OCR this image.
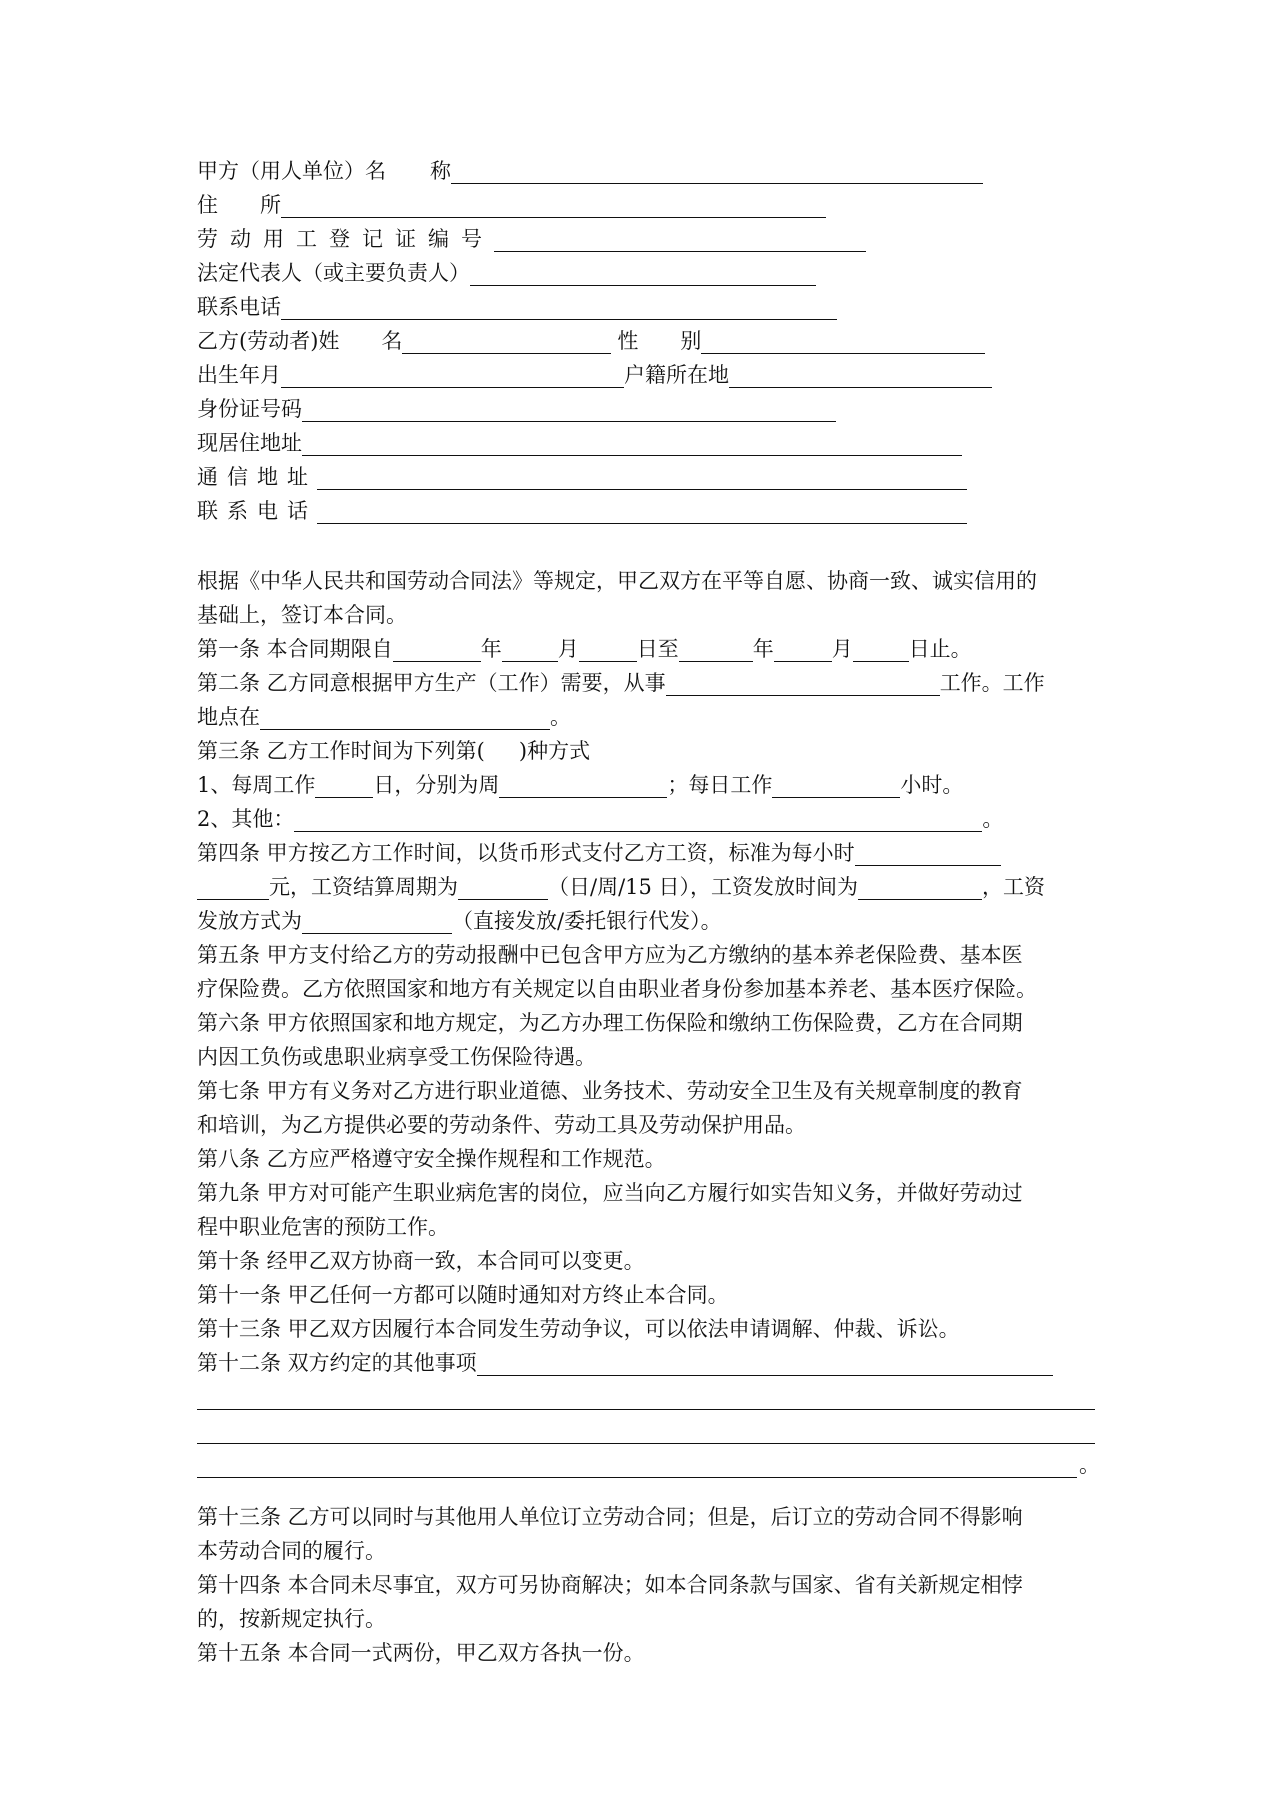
甲方（用人单位）名 称
住 所
劳动用工登记证编号
法定代表人（或主要负责人）
联系电话
乙方(劳动者)姓 名	性 别
出生年月	户籍所在地
身份证号码
现居住地址
通信地址
联系电话
根据《中华人民共和国劳动合同法》等规定，甲乙双方在平等自愿、协商一致、诚实信用的
基础上，签订本合同。
第一条 本合同期限自	年	月	日至	年	月	日止。
第二条 乙方同意根据甲方生产（工作）需要，从事	工作。工作
地点在	。
第三条 乙方工作时间为下列第( )种方式
1、每周工作	日，分别为周	；每日工作	小时。
2、其他：	。
第四条 甲方按乙方工作时间，以货币形式支付乙方工资，标准为每小时
元，工资结算周期为	（日/周/15 日），工资发放时间为	，工资
发放方式为	（直接发放/委托银行代发）。
第五条 甲方支付给乙方的劳动报酬中已包含甲方应为乙方缴纳的基本养老保险费、基本医
疗保险费。乙方依照国家和地方有关规定以自由职业者身份参加基本养老、基本医疗保险。
第六条 甲方依照国家和地方规定，为乙方办理工伤保险和缴纳工伤保险费，乙方在合同期
内因工负伤或患职业病享受工伤保险待遇。
第七条 甲方有义务对乙方进行职业道德、业务技术、劳动安全卫生及有关规章制度的教育
和培训，为乙方提供必要的劳动条件、劳动工具及劳动保护用品。
第八条 乙方应严格遵守安全操作规程和工作规范。
第九条 甲方对可能产生职业病危害的岗位，应当向乙方履行如实告知义务，并做好劳动过
程中职业危害的预防工作。
第十条 经甲乙双方协商一致，本合同可以变更。
第十一条 甲乙任何一方都可以随时通知对方终止本合同。
第十三条 甲乙双方因履行本合同发生劳动争议，可以依法申请调解、仲裁、诉讼。
第十二条 双方约定的其他事项
。
第十三条 乙方可以同时与其他用人单位订立劳动合同；但是，后订立的劳动合同不得影响
本劳动合同的履行。
第十四条 本合同未尽事宜，双方可另协商解决；如本合同条款与国家、省有关新规定相悖
的，按新规定执行。
第十五条 本合同一式两份，甲乙双方各执一份。
